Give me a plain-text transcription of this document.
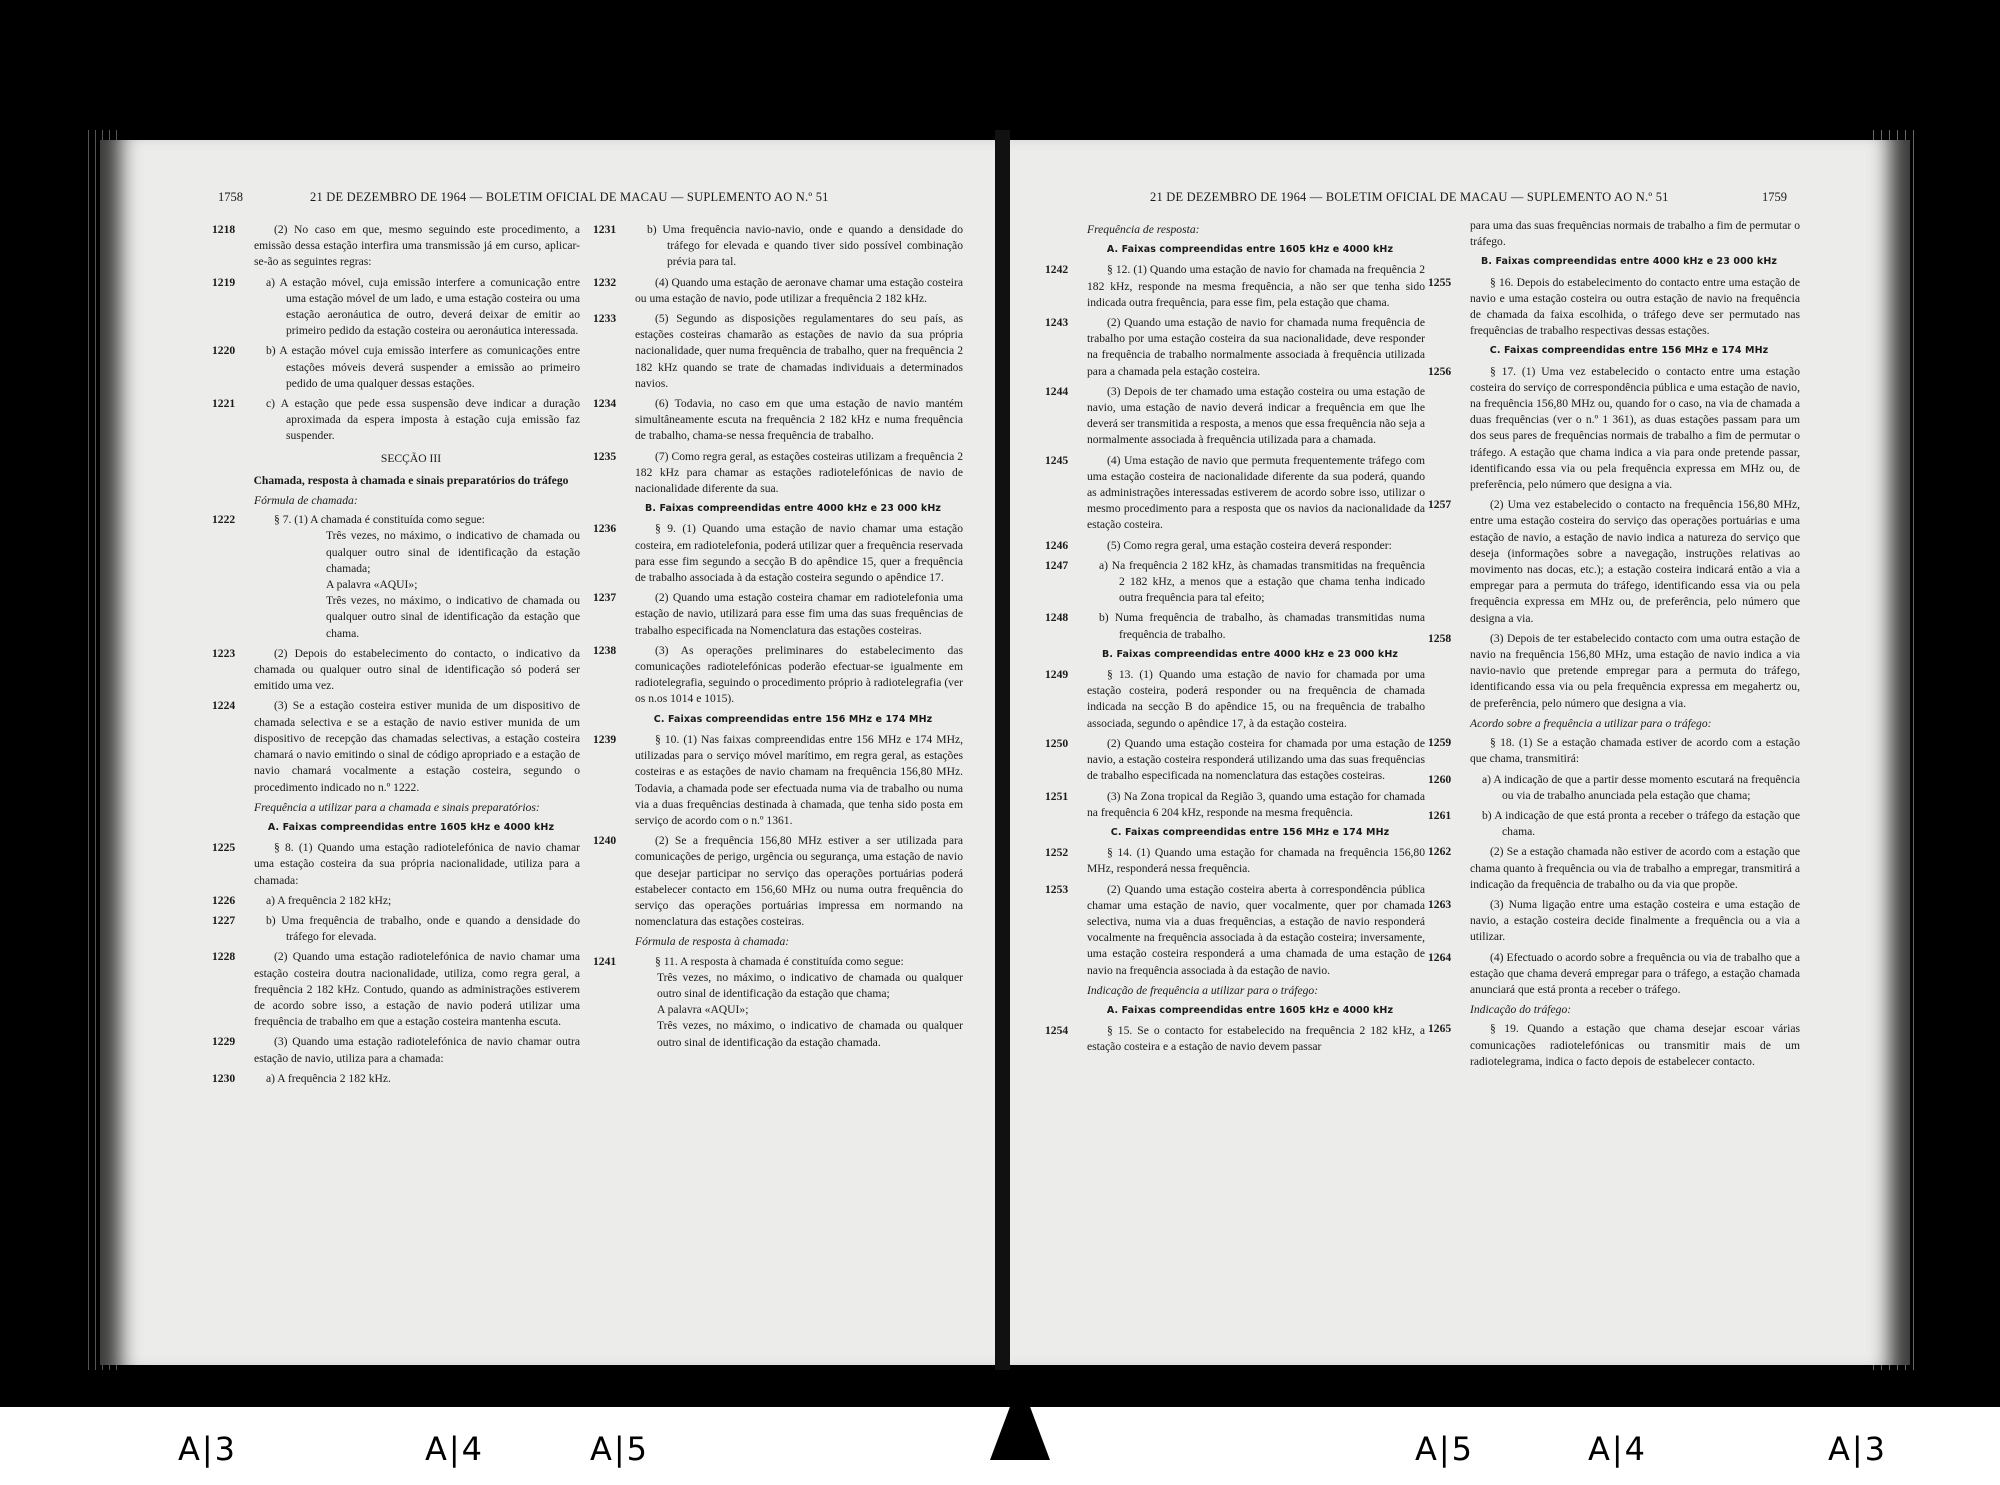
1758	21 DE DEZEMBRO DE 1964 — BOLETIM OFICIAL DE MACAU — SUPLEMENTO AO N.º 51
1218	(2) No caso em que, mesmo seguindo este procedimento, a emissão dessa estação interfira uma transmissão já em curso, aplicar-se-ão as seguintes regras:
1219	a) A estação móvel, cuja emissão interfere a comunicação entre uma estação móvel de um lado, e uma estação costeira ou uma estação aeronáutica de outro, deverá deixar de emitir ao primeiro pedido da estação costeira ou aeronáutica interessada.
1220	b) A estação móvel cuja emissão interfere as comunicações entre estações móveis deverá suspender a emissão ao primeiro pedido de uma qualquer dessas estações.
1221	c) A estação que pede essa suspensão deve indicar a duração aproximada da espera imposta à estação cuja emissão faz suspender.
SECÇÃO III
Chamada, resposta à chamada e sinais preparatórios do tráfego
Fórmula de chamada:
1222	§ 7. (1) A chamada é constituída como segue:
Três vezes, no máximo, o indicativo de chamada ou qualquer outro sinal de identificação da estação chamada;
A palavra «AQUI»;
Três vezes, no máximo, o indicativo de chamada ou qualquer outro sinal de identificação da estação que chama.
1223	(2) Depois do estabelecimento do contacto, o indicativo da chamada ou qualquer outro sinal de identificação só poderá ser emitido uma vez.
1224	(3) Se a estação costeira estiver munida de um dispositivo de chamada selectiva e se a estação de navio estiver munida de um dispositivo de recepção das chamadas selectivas, a estação costeira chamará o navio emitindo o sinal de código apropriado e a estação de navio chamará vocalmente a estação costeira, segundo o procedimento indicado no n.º 1222.
Frequência a utilizar para a chamada e sinais preparatórios:
A. Faixas compreendidas entre 1605 kHz e 4000 kHz
1225	§ 8. (1) Quando uma estação radiotelefónica de navio chamar uma estação costeira da sua própria nacionalidade, utiliza para a chamada:
1226	a) A frequência 2 182 kHz;
1227	b) Uma frequência de trabalho, onde e quando a densidade do tráfego for elevada.
1228	(2) Quando uma estação radiotelefónica de navio chamar uma estação costeira doutra nacionalidade, utiliza, como regra geral, a frequência 2 182 kHz. Contudo, quando as administrações estiverem de acordo sobre isso, a estação de navio poderá utilizar uma frequência de trabalho em que a estação costeira mantenha escuta.
1229	(3) Quando uma estação radiotelefónica de navio chamar outra estação de navio, utiliza para a chamada:
1230	a) A frequência 2 182 kHz.
1231	b) Uma frequência navio-navio, onde e quando a densidade do tráfego for elevada e quando tiver sido possível combinação prévia para tal.
1232	(4) Quando uma estação de aeronave chamar uma estação costeira ou uma estação de navio, pode utilizar a frequência 2 182 kHz.
1233	(5) Segundo as disposições regulamentares do seu país, as estações costeiras chamarão as estações de navio da sua própria nacionalidade, quer numa frequência de trabalho, quer na frequência 2 182 kHz quando se trate de chamadas individuais a determinados navios.
1234	(6) Todavia, no caso em que uma estação de navio mantém simultâneamente escuta na frequência 2 182 kHz e numa frequência de trabalho, chama-se nessa frequência de trabalho.
1235	(7) Como regra geral, as estações costeiras utilizam a frequência 2 182 kHz para chamar as estações radiotelefónicas de navio de nacionalidade diferente da sua.
B. Faixas compreendidas entre 4000 kHz e 23 000 kHz
1236	§ 9. (1) Quando uma estação de navio chamar uma estação costeira, em radiotelefonia, poderá utilizar quer a frequência reservada para esse fim segundo a secção B do apêndice 15, quer a frequência de trabalho associada à da estação costeira segundo o apêndice 17.
1237	(2) Quando uma estação costeira chamar em radiotelefonia uma estação de navio, utilizará para esse fim uma das suas frequências de trabalho especificada na Nomenclatura das estações costeiras.
1238	(3) As operações preliminares do estabelecimento das comunicações radiotelefónicas poderão efectuar-se igualmente em radiotelegrafia, seguindo o procedimento próprio à radiotelegrafia (ver os n.os 1014 e 1015).
C. Faixas compreendidas entre 156 MHz e 174 MHz
1239	§ 10. (1) Nas faixas compreendidas entre 156 MHz e 174 MHz, utilizadas para o serviço móvel marítimo, em regra geral, as estações costeiras e as estações de navio chamam na frequência 156,80 MHz. Todavia, a chamada pode ser efectuada numa via de trabalho ou numa via a duas frequências destinada à chamada, que tenha sido posta em serviço de acordo com o n.º 1361.
1240	(2) Se a frequência 156,80 MHz estiver a ser utilizada para comunicações de perigo, urgência ou segurança, uma estação de navio que desejar participar no serviço das operações portuárias poderá estabelecer contacto em 156,60 MHz ou numa outra frequência do serviço das operações portuárias impressa em normando na nomenclatura das estações costeiras.
Fórmula de resposta à chamada:
1241	§ 11. A resposta à chamada é constituída como segue:
Três vezes, no máximo, o indicativo de chamada ou qualquer outro sinal de identificação da estação que chama;
A palavra «AQUI»;
Três vezes, no máximo, o indicativo de chamada ou qualquer outro sinal de identificação da estação chamada.
21 DE DEZEMBRO DE 1964 — BOLETIM OFICIAL DE MACAU — SUPLEMENTO AO N.º 51	1759
Frequência de resposta:
A. Faixas compreendidas entre 1605 kHz e 4000 kHz
1242	§ 12. (1) Quando uma estação de navio for chamada na frequência 2 182 kHz, responde na mesma frequência, a não ser que tenha sido indicada outra frequência, para esse fim, pela estação que chama.
1243	(2) Quando uma estação de navio for chamada numa frequência de trabalho por uma estação costeira da sua nacionalidade, deve responder na frequência de trabalho normalmente associada à frequência utilizada para a chamada pela estação costeira.
1244	(3) Depois de ter chamado uma estação costeira ou uma estação de navio, uma estação de navio deverá indicar a frequência em que lhe deverá ser transmitida a resposta, a menos que essa frequência não seja a normalmente associada à frequência utilizada para a chamada.
1245	(4) Uma estação de navio que permuta frequentemente tráfego com uma estação costeira de nacionalidade diferente da sua poderá, quando as administrações interessadas estiverem de acordo sobre isso, utilizar o mesmo procedimento para a resposta que os navios da nacionalidade da estação costeira.
1246	(5) Como regra geral, uma estação costeira deverá responder:
1247	a) Na frequência 2 182 kHz, às chamadas transmitidas na frequência 2 182 kHz, a menos que a estação que chama tenha indicado outra frequência para tal efeito;
1248	b) Numa frequência de trabalho, às chamadas transmitidas numa frequência de trabalho.
B. Faixas compreendidas entre 4000 kHz e 23 000 kHz
1249	§ 13. (1) Quando uma estação de navio for chamada por uma estação costeira, poderá responder ou na frequência de chamada indicada na secção B do apêndice 15, ou na frequência de trabalho associada, segundo o apêndice 17, à da estação costeira.
1250	(2) Quando uma estação costeira for chamada por uma estação de navio, a estação costeira responderá utilizando uma das suas frequências de trabalho especificada na nomenclatura das estações costeiras.
1251	(3) Na Zona tropical da Região 3, quando uma estação for chamada na frequência 6 204 kHz, responde na mesma frequência.
C. Faixas compreendidas entre 156 MHz e 174 MHz
1252	§ 14. (1) Quando uma estação for chamada na frequência 156,80 MHz, responderá nessa frequência.
1253	(2) Quando uma estação costeira aberta à correspondência pública chamar uma estação de navio, quer vocalmente, quer por chamada selectiva, numa via a duas frequências, a estação de navio responderá vocalmente na frequência associada à da estação costeira; inversamente, uma estação costeira responderá a uma chamada de uma estação de navio na frequência associada à da estação de navio.
Indicação de frequência a utilizar para o tráfego:
A. Faixas compreendidas entre 1605 kHz e 4000 kHz
1254	§ 15. Se o contacto for estabelecido na frequência 2 182 kHz, a estação costeira e a estação de navio devem passar
para uma das suas frequências normais de trabalho a fim de permutar o tráfego.
B. Faixas compreendidas entre 4000 kHz e 23 000 kHz
1255	§ 16. Depois do estabelecimento do contacto entre uma estação de navio e uma estação costeira ou outra estação de navio na frequência de chamada da faixa escolhida, o tráfego deve ser permutado nas frequências de trabalho respectivas dessas estações.
C. Faixas compreendidas entre 156 MHz e 174 MHz
1256	§ 17. (1) Uma vez estabelecido o contacto entre uma estação costeira do serviço de correspondência pública e uma estação de navio, na frequência 156,80 MHz ou, quando for o caso, na via de chamada a duas frequências (ver o n.º 1 361), as duas estações passam para um dos seus pares de frequências normais de trabalho a fim de permutar o tráfego. A estação que chama indica a via para onde pretende passar, identificando essa via ou pela frequência expressa em MHz ou, de preferência, pelo número que designa a via.
1257	(2) Uma vez estabelecido o contacto na frequência 156,80 MHz, entre uma estação costeira do serviço das operações portuárias e uma estação de navio, a estação de navio indica a natureza do serviço que deseja (informações sobre a navegação, instruções relativas ao movimento nas docas, etc.); a estação costeira indicará então a via a empregar para a permuta do tráfego, identificando essa via ou pela frequência expressa em MHz ou, de preferência, pelo número que designa a via.
1258	(3) Depois de ter estabelecido contacto com uma outra estação de navio na frequência 156,80 MHz, uma estação de navio indica a via navio-navio que pretende empregar para a permuta do tráfego, identificando essa via ou pela frequência expressa em megahertz ou, de preferência, pelo número que designa a via.
Acordo sobre a frequência a utilizar para o tráfego:
1259	§ 18. (1) Se a estação chamada estiver de acordo com a estação que chama, transmitirá:
1260	a) A indicação de que a partir desse momento escutará na frequência ou via de trabalho anunciada pela estação que chama;
1261	b) A indicação de que está pronta a receber o tráfego da estação que chama.
1262	(2) Se a estação chamada não estiver de acordo com a estação que chama quanto à frequência ou via de trabalho a empregar, transmitirá a indicação da frequência de trabalho ou da via que propõe.
1263	(3) Numa ligação entre uma estação costeira e uma estação de navio, a estação costeira decide finalmente a frequência ou a via a utilizar.
1264	(4) Efectuado o acordo sobre a frequência ou via de trabalho que a estação que chama deverá empregar para o tráfego, a estação chamada anunciará que está pronta a receber o tráfego.
Indicação do tráfego:
1265	§ 19. Quando a estação que chama desejar escoar várias comunicações radiotelefónicas ou transmitir mais de um radiotelegrama, indica o facto depois de estabelecer contacto.
A|3	A|4	A|5	A|5	A|4	A|3
